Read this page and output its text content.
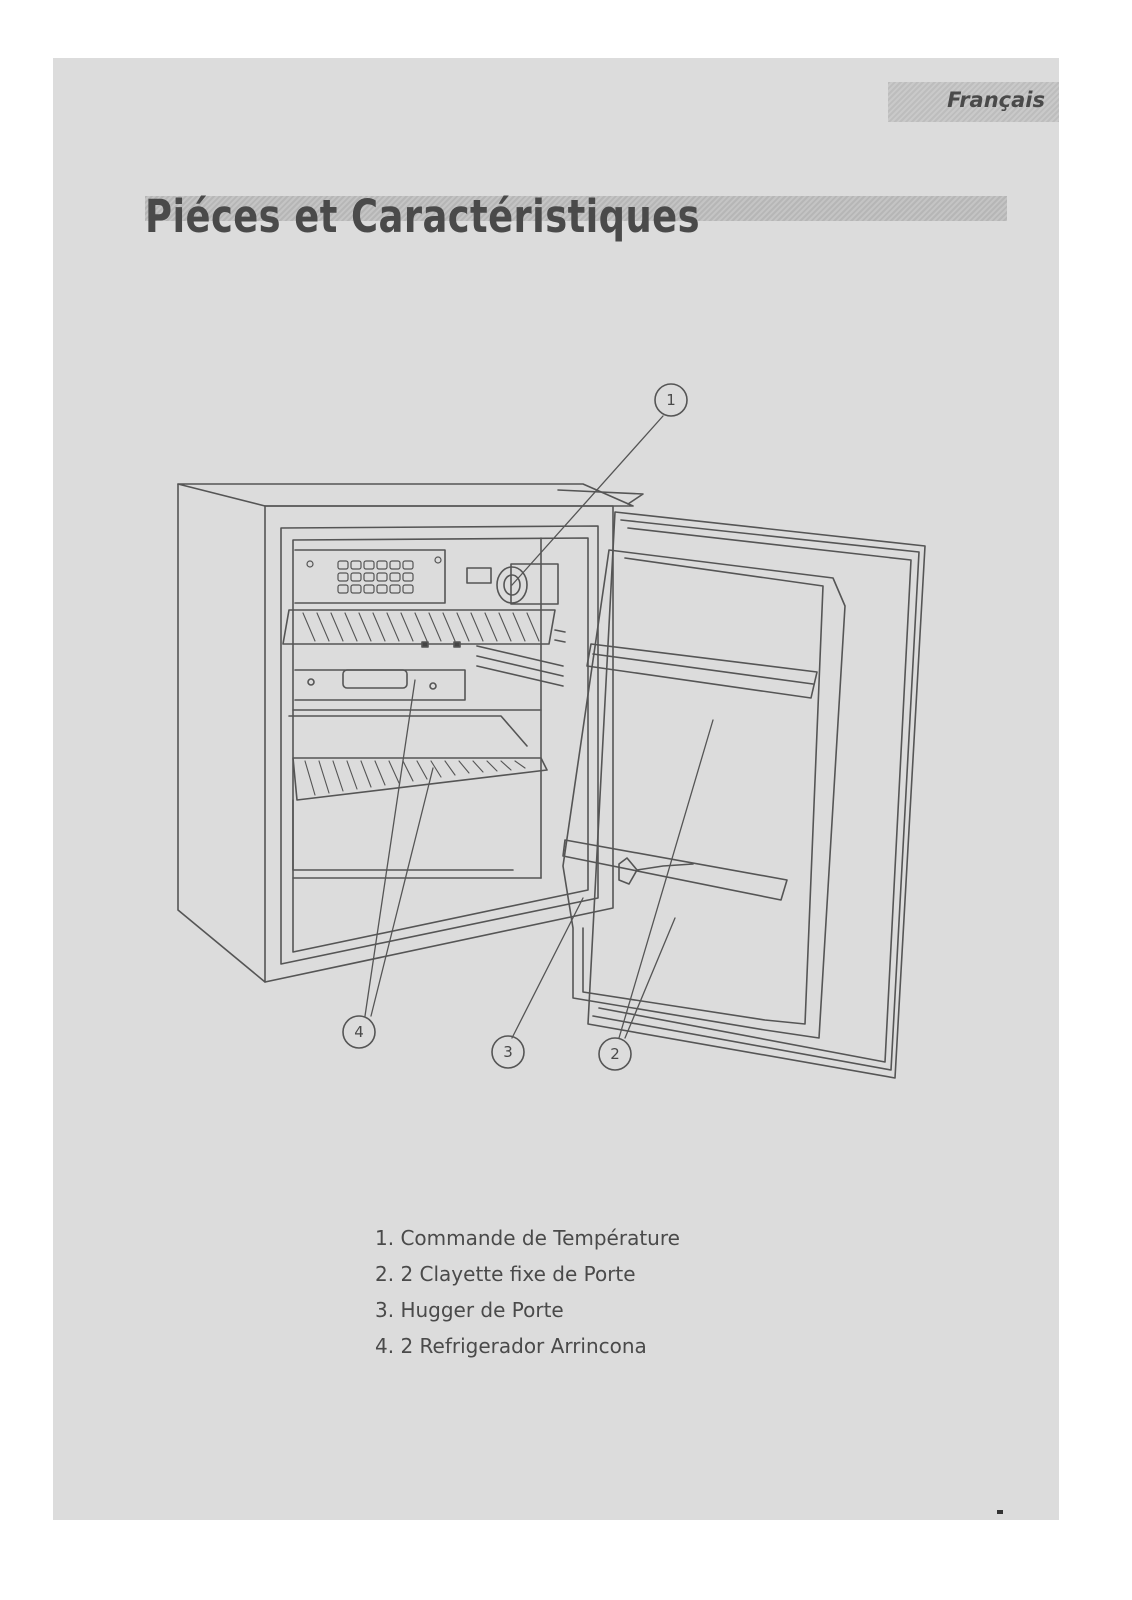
Français
Piéces et Caractéristiques
1
2
3
4
1. Commande de Température
2. 2 Clayette fixe de Porte
3. Hugger de Porte
4. 2 Refrigerador Arrincona
